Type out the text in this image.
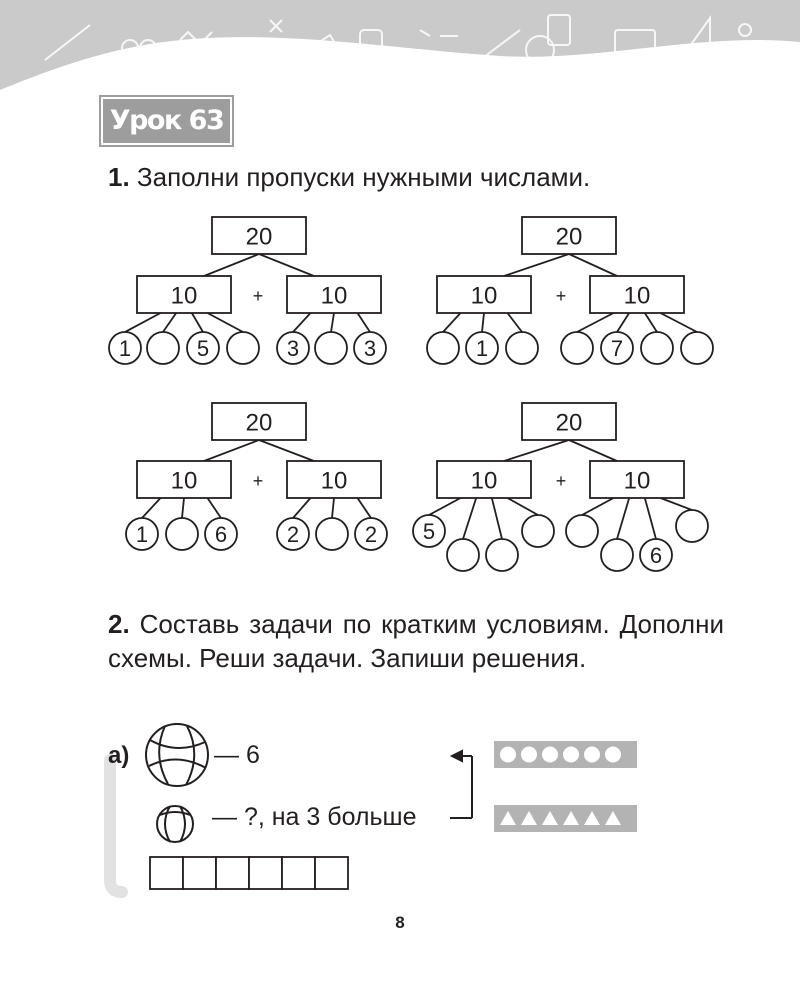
Урок 63

1. Заполни пропуски нужными числами.

20
10	10
+
1	5	3	3
20
10	10
+
1	7
20
10	10
+
1	6	2	2
20
10	10
+
5
6

2. Составь задачи по кратким условиям. Дополни схемы. Реши задачи. Запиши решения.

а)	— 6
— ?, на 3 больше
8
